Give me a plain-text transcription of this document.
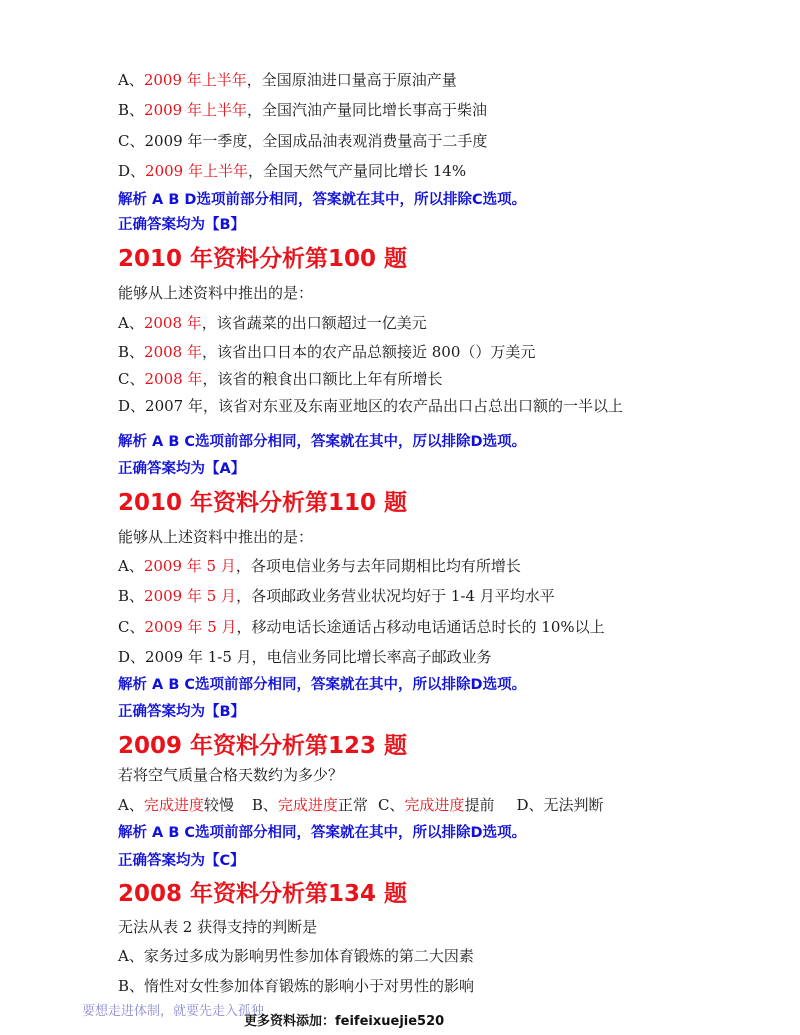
A、2009 年上半年，全国原油进口量高于原油产量
B、2009 年上半年，全国汽油产量同比增长事高于柴油
C、2009 年一季度，全国成品油表观消费量高于二手度
D、2009 年上半年，全国天然气产量同比增长 14%
解析 A B D选项前部分相同，答案就在其中，所以排除C选项。
正确答案均为【B】
2010 年资料分析第100 题
能够从上述资料中推出的是：
A、2008 年，该省蔬菜的出口额超过一亿美元
B、2008 年，该省出口日本的农产品总额接近 800（）万美元
C、2008 年，该省的粮食出口额比上年有所增长
D、2007 年，该省对东亚及东南亚地区的农产品出口占总出口额的一半以上
解析 A B C选项前部分相同，答案就在其中，厉以排除D选项。
正确答案均为【A】
2010 年资料分析第110 题
能够从上述资料中推出的是：
A、2009 年 5 月，各项电信业务与去年同期相比均有所增长
B、2009 年 5 月，各项邮政业务营业状况均好于 1-4 月平均水平
C、2009 年 5 月，移动电话长途通话占移动电话通话总时长的 10%以上
D、2009 年 1-5 月，电信业务同比增长率高子邮政业务
解析 A B C选项前部分相同，答案就在其中，所以排除D选项。
正确答案均为【B】
2009 年资料分析第123 题
若将空气质量合格天数约为多少？
A、完成进度较慢 B、完成进度正常 C、完成进度提前 D、无法判断
解析 A B C选项前部分相同，答案就在其中，所以排除D选项。
正确答案均为【C】
2008 年资料分析第134 题
无法从表 2 获得支持的判断是
A、家务过多成为影响男性参加体育锻炼的第二大因素
B、惰性对女性参加体育锻炼的影响小于对男性的影响
要想走进体制，就要先走入孤独
更多资料添加：feifeixuejie520
